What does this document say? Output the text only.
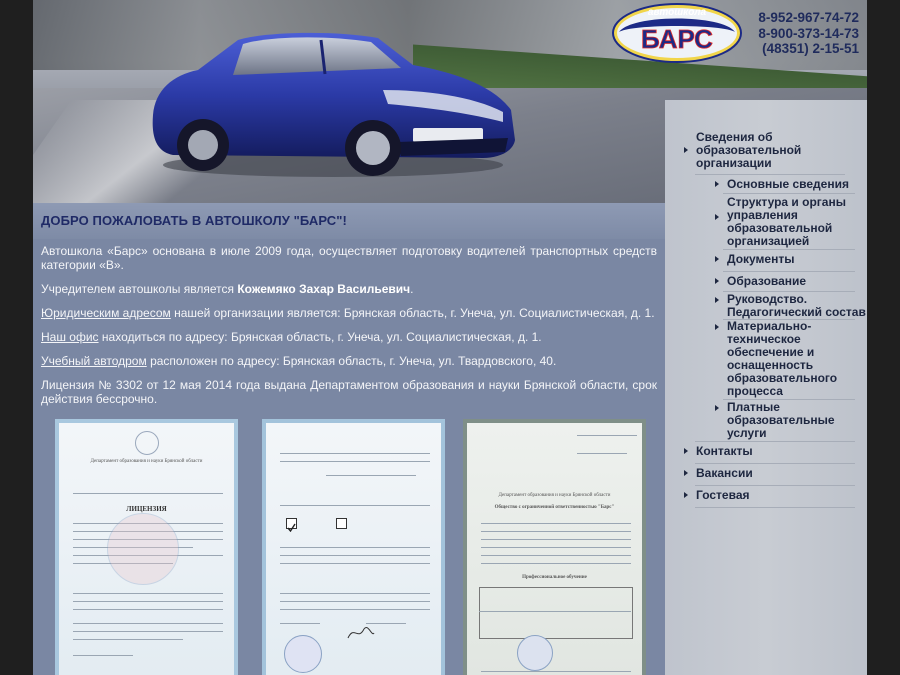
автошкола
БАРС
8-952-967-74-72
8-900-373-14-73
(48351) 2-15-51
ДОБРО ПОЖАЛОВАТЬ В АВТОШКОЛУ "БАРС"!

Автошкола «Барс» основана в июле 2009 года, осуществляет подготовку водителей транспортных средств категории «В».

Учредителем автошколы является Кожемяко Захар Васильевич.

Юридическим адресом нашей организации является: Брянская область, г. Унеча, ул. Социалистическая, д. 1.

Наш офис находиться по адресу: Брянская область, г. Унеча, ул. Социалистическая, д. 1.

Учебный автодром расположен по адресу: Брянская область, г. Унеча, ул. Твардовского, 40.

Лицензия № 3302 от 12 мая 2014 года выдана Департаментом образования и науки Брянской области, срок действия бессрочно.

Департамент образования и науки Брянской области
ЛИЦЕНЗИЯ
Департамент образования и науки Брянской области
Общество с ограниченной ответственностью "Барс"
Профессиональное обучение
Сведения об образовательной организации
Основные сведения
Структура и органы управления образовательной организацией
Документы
Образование
Руководство. Педагогический состав
Материально-техническое обеспечение и оснащенность образовательного процесса
Платные образовательные услуги
Контакты
Вакансии
Гостевая
